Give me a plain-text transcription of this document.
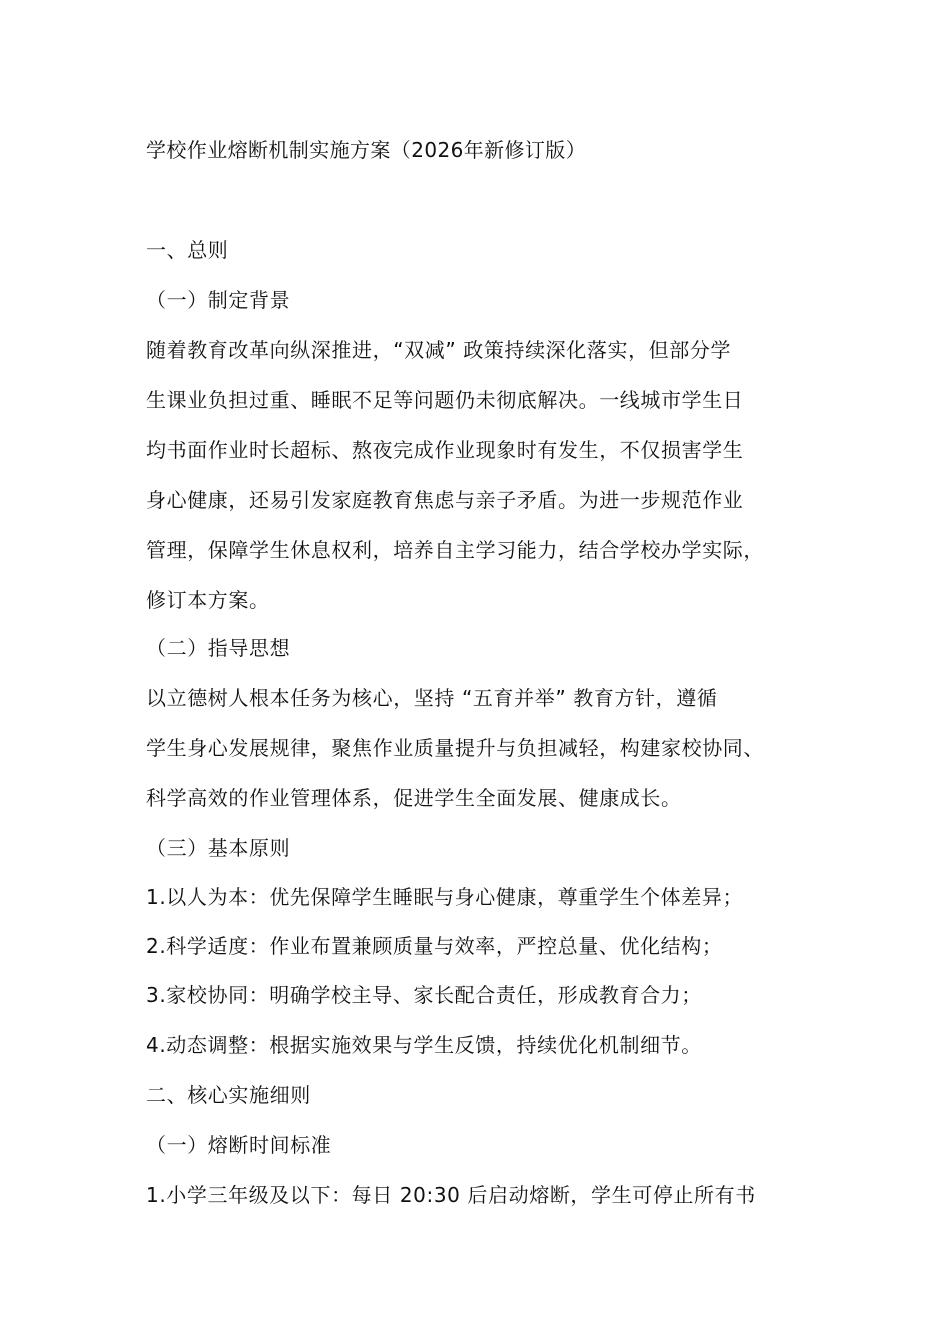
学校作业熔断机制实施方案（2026年新修订版）
一、总则
（一）制定背景
随着教育改革向纵深推进，“双减” 政策持续深化落实，但部分学
生课业负担过重、睡眠不足等问题仍未彻底解决。一线城市学生日
均书面作业时长超标、熬夜完成作业现象时有发生，不仅损害学生
身心健康，还易引发家庭教育焦虑与亲子矛盾。为进一步规范作业
管理，保障学生休息权利，培养自主学习能力，结合学校办学实际，
修订本方案。
（二）指导思想
以立德树人根本任务为核心，坚持 “五育并举” 教育方针，遵循
学生身心发展规律，聚焦作业质量提升与负担减轻，构建家校协同、
科学高效的作业管理体系，促进学生全面发展、健康成长。
（三）基本原则
1.以人为本：优先保障学生睡眠与身心健康，尊重学生个体差异；
2.科学适度：作业布置兼顾质量与效率，严控总量、优化结构；
3.家校协同：明确学校主导、家长配合责任，形成教育合力；
4.动态调整：根据实施效果与学生反馈，持续优化机制细节。
二、核心实施细则
（一）熔断时间标准
1.小学三年级及以下：每日 20:30 后启动熔断，学生可停止所有书
